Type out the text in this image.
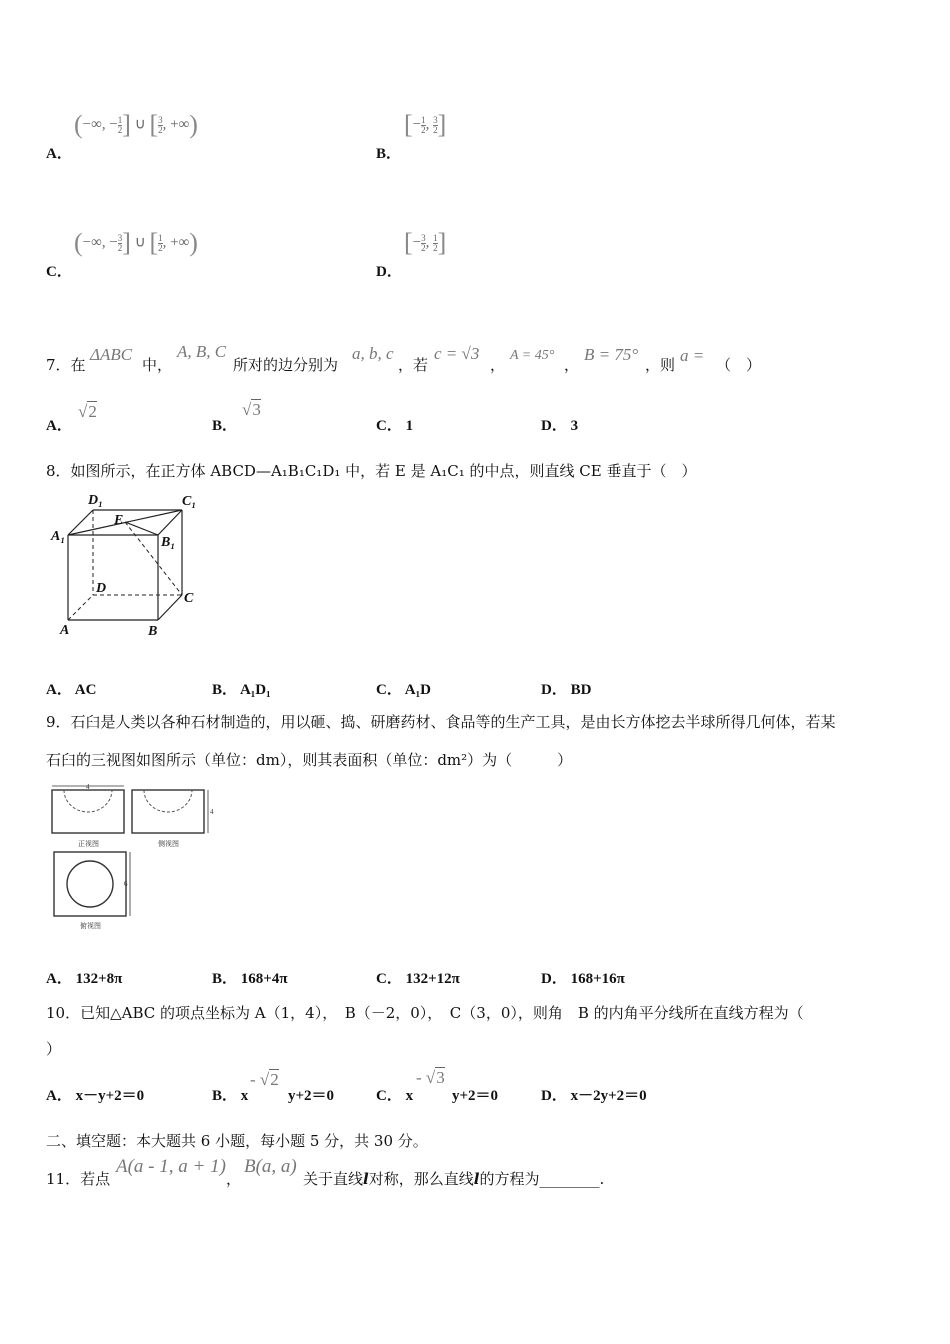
A．
(−∞, − $\frac{1}{2}$ ] ∪ [ $\frac{3}{2}$ , +∞)
B．
[− $\frac{1}{2}$ , $\frac{3}{2}$ ]
C．
(−∞, − $\frac{3}{2}$ ] ∪ [ $\frac{1}{2}$ , +∞)
D．
[− $\frac{3}{2}$ , $\frac{1}{2}$ ]
7．在
ΔABC
中，
A, B, C
所对的边分别为
a, b, c
，若
c = √3
，
A = 45°
，
B = 75°
，则 a = （　）
A．
√2
B．
√3
C． 1	D． 3
8．如图所示，在正方体 ABCD—A₁B₁C₁D₁ 中，若 E 是 A₁C₁ 的中点，则直线 CE 垂直于（　）
D₁	C₁
A₁	B₁
E
D
C
A	B
A． AC	B． A₁D₁	C． A₁D	D． BD
9．石臼是人类以各种石材制造的，用以砸、捣、研磨药材、食品等的生产工具，是由长方体挖去半球所得几何体，若某
石臼的三视图如图所示（单位：dm），则其表面积（单位：dm²）为（　　　）
4
4
6
正视图	侧视图
俯视图
A． 132+8π	B． 168+4π	C． 132+12π	D． 168+16π
10．已知△ABC 的项点坐标为 A（1，4），　B（－2，0），　C（3，0），则角　B 的内角平分线所在直线方程为（
）
A． x－y+2＝0	B． x
- √2
y+2＝0	C． x
- √3
y+2＝0	D． x－2y+2＝0
二、填空题：本大题共 6 小题，每小题 5 分，共 30 分。
11．若点
A(a - 1, a + 1)
，
B(a, a)
关于直线l对称，那么直线l的方程为________.
